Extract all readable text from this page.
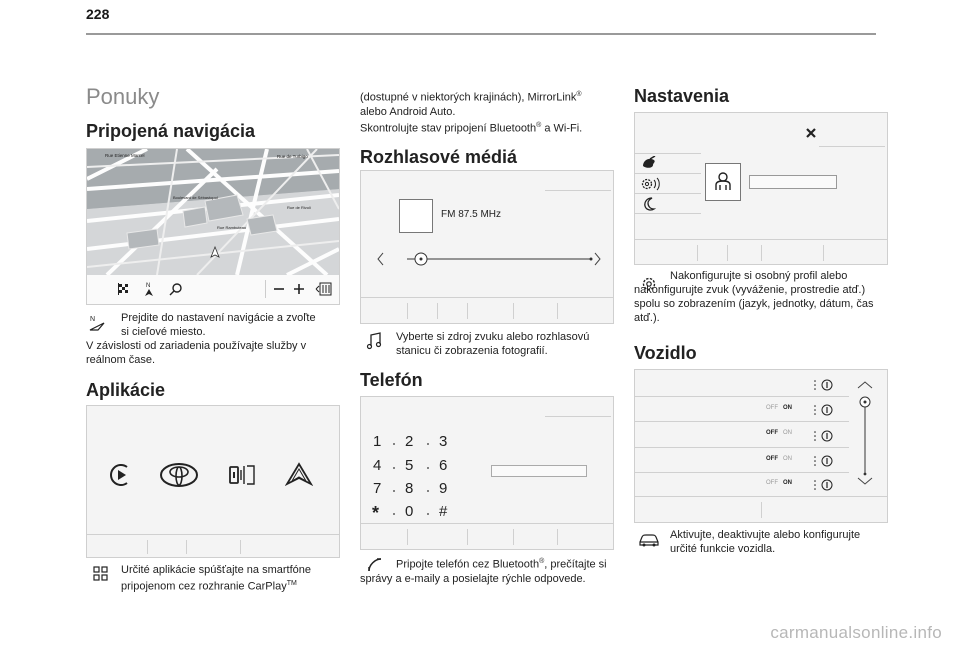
228
Ponuky
Pripojená navigácia
Rue Etienne Marcel	Rue de Turbigo
Boulevard de Sébastopol
Rue Rambuteau
Rue de Rivoli
N
N Prejdite do nastavení navigácie a zvoľte si cieľové miesto.
V závislosti od zariadenia používajte služby v reálnom čase.
Aplikácie
Určité aplikácie spúšťajte na smartfóne pripojenom cez rozhranie CarPlay™
(dostupné v niektorých krajinách), MirrorLink®
alebo Android Auto.
Skontrolujte stav pripojení Bluetooth® a Wi-Fi.
Rozhlasové médiá
FM 87.5 MHz
Vyberte si zdroj zvuku alebo rozhlasovú stanicu či zobrazenia fotografií.
Telefón
1 2 3
4 5 6
7 8 9
* 0 #
Pripojte telefón cez Bluetooth®, prečítajte si správy a e-maily a posielajte rýchle odpovede.
Nastavenia
Nakonfigurujte si osobný profil alebo nakonfigurujte zvuk (vyváženie, prostredie atď.) spolu so zobrazením (jazyk, jednotky, dátum, čas atď.).
Vozidlo
OFF ON
OFF ON
OFF ON
OFF ON
Aktivujte, deaktivujte alebo konfigurujte určité funkcie vozidla.
carmanualsonline.info
